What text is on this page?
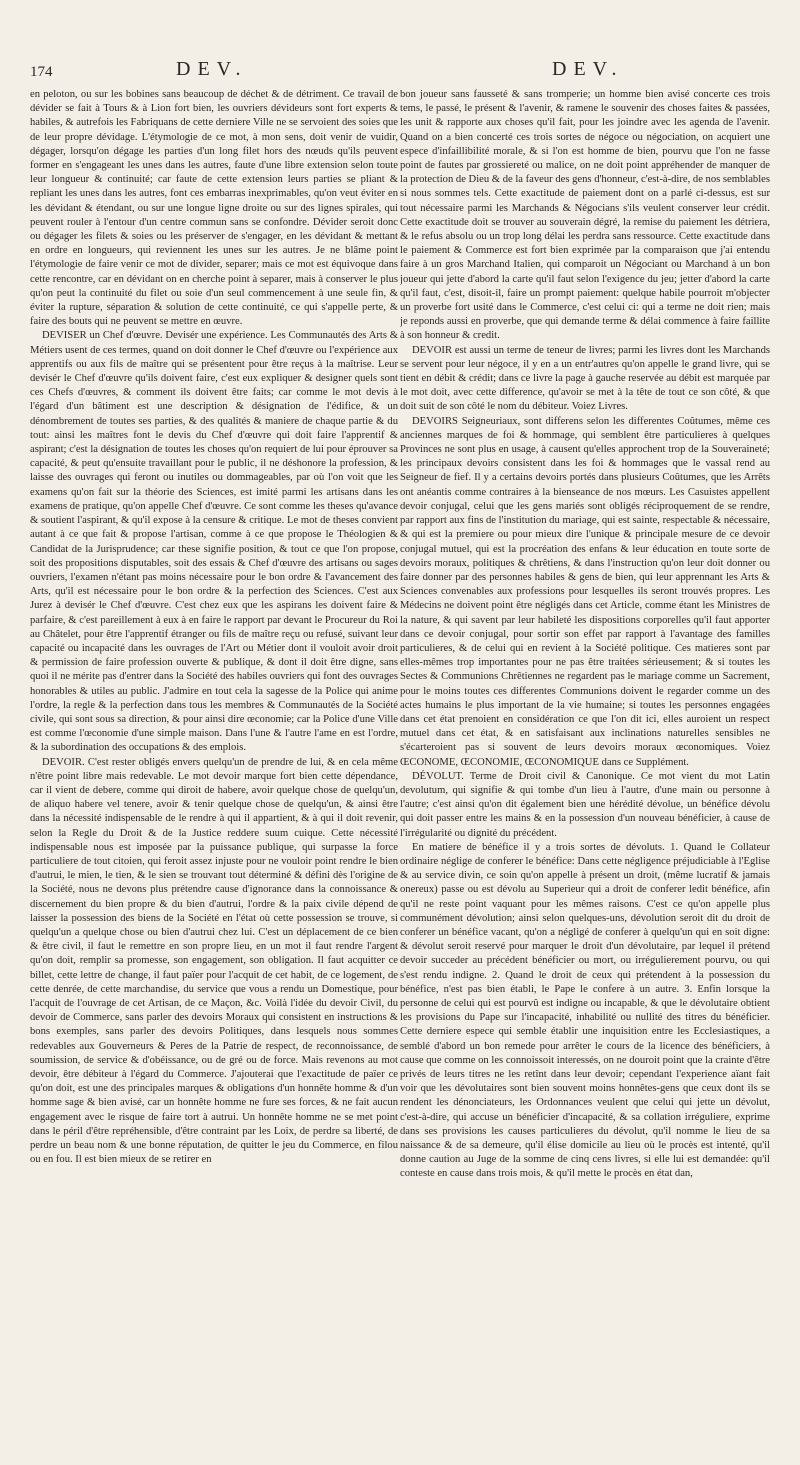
174	DEV.	DEV.

en peloton, ou sur les bobines sans beaucoup de déchet & de détriment. Ce travail de dévider se fait à Tours & à Lion fort bien, les ouvriers dévideurs sont fort experts & habiles, & autrefois les Fabriquans de cette derniere Ville ne se servoient des soies que de leur propre dévidage. L'étymologie de ce mot, à mon sens, doit venir de vuidir, dégager, lorsqu'on dégage les parties d'un long filet hors des nœuds qu'ils peuvent former en s'engageant les unes dans les autres, faute d'une libre extension selon toute leur longueur & continuité; car faute de cette extension leurs parties se pliant & repliant les unes dans les autres, font ces embarras inexprimables, qu'on veut éviter en les dévidant & étendant, ou sur une longue ligne droite ou sur des lignes spirales, qui peuvent rouler à l'entour d'un centre commun sans se confondre. Dévider seroit donc ou dégager les filets & soies ou les préserver de s'engager, en les dévidant & mettant en ordre en longueurs, qui reviennent les unes sur les autres. Je ne blâme point l'étymologie de faire venir ce mot de divider, separer; mais ce mot est équivoque dans cette rencontre, car en dévidant on en cherche point à separer, mais à conserver le plus qu'on peut la continuité du filet ou soie d'un seul commencement à une seule fin, & éviter la rupture, séparation & solution de cette continuité, ce qui s'appelle perte, & faire des bouts qui ne peuvent se mettre en œuvre.

DEVISER un Chef d'œuvre. Devisér une expérience. Les Communautés des Arts & Métiers usent de ces termes, quand on doit donner le Chef d'œuvre ou l'expérience aux apprentifs ou aux fils de maître qui se présentent pour être reçus à la maîtrise. Leur devisér le Chef d'œuvre qu'ils doivent faire, c'est eux expliquer & designer quels sont ces Chefs d'œuvres, & comment ils doivent être faits; car comme le mot devis à l'égard d'un bâtiment est une description & désignation de l'édifice, & un dénombrement de toutes ses parties, & des qualités & maniere de chaque partie & du tout: ainsi les maîtres font le devis du Chef d'œuvre qui doit faire l'apprentif & aspirant; c'est la désignation de toutes les choses qu'on requiert de lui pour éprouver sa capacité, & peut qu'ensuite travaillant pour le public, il ne déshonore la profession, & laisse des ouvrages qui feront ou inutiles ou dommageables, par où l'on voit que les examens qu'on fait sur la théorie des Sciences, est imité parmi les artisans dans les examens de pratique, qu'on appelle Chef d'œuvre. Ce sont comme les theses qu'avance & soutient l'aspirant, & qu'il expose à la censure & critique. Le mot de theses convient autant à ce que fait & propose l'artisan, comme à ce que propose le Théologien & Candidat de la Jurisprudence; car these signifie position, & tout ce que l'on propose, soit des propositions disputables, soit des essais & Chef d'œuvre des artisans ou sages ouvriers, l'examen n'étant pas moins nécessaire pour le bon ordre & l'avancement des Arts, qu'il est nécessaire pour le bon ordre & la perfection des Sciences. C'est aux Jurez à devisér le Chef d'œuvre. C'est chez eux que les aspirans les doivent faire & parfaire, & c'est pareillement à eux à en faire le rapport par devant le Procureur du Roi au Châtelet, pour être l'apprentif étranger ou fils de maître reçu ou refusé, suivant leur capacité ou incapacité dans les ouvrages de l'Art ou Métier dont il vouloit avoir droit & permission de faire profession ouverte & publique, & dont il doit être digne, sans quoi il ne mérite pas d'entrer dans la Société des habiles ouvriers qui font des ouvrages honorables & utiles au public. J'admire en tout cela la sagesse de la Police qui anime l'ordre, la regle & la perfection dans tous les membres & Communautés de la Société civile, qui sont sous sa direction, & pour ainsi dire œconomie; car la Police d'une Ville est comme l'œconomie d'une simple maison. Dans l'une & l'autre l'ame en est l'ordre, & la subordination des occupations & des emplois.

DEVOIR. C'est rester obligés envers quelqu'un de prendre de lui, & en cela même n'être point libre mais redevable. Le mot devoir marque fort bien cette dépendance, car il vient de debere, comme qui diroit de habere, avoir quelque chose de quelqu'un, de aliquo habere vel tenere, avoir & tenir quelque chose de quelqu'un, & ainsi être dans la nécessité indispensable de le rendre à qui il appartient, & à qui il doit revenir, selon la Regle du Droit & de la Justice reddere suum cuique. Cette nécessité indispensable nous est imposée par la puissance publique, qui surpasse la force particuliere de tout citoien, qui feroit assez injuste pour ne vouloir point rendre le bien d'autrui, le mien, le tien, & le sien se trouvant tout déterminé & défini dès l'origine de la Société, nous ne devons plus prétendre cause d'ignorance dans la connoissance & discernement du bien propre & du bien d'autrui, l'ordre & la paix civile dépend de laisser la possession des biens de la Société en l'état où cette possession se trouve, si quelqu'un a quelque chose ou bien d'autrui chez lui. C'est un déplacement de ce bien & être civil, il faut le remettre en son propre lieu, en un mot il faut rendre l'argent qu'on doit, remplir sa promesse, son engagement, son obligation. Il faut acquitter ce billet, cette lettre de change, il faut païer pour l'acquit de cet habit, de ce logement, de cette denrée, de cette marchandise, du service que vous a rendu un Domestique, pour l'acquit de l'ouvrage de cet Artisan, de ce Maçon, &c. Voilà l'idée du devoir Civil, du devoir de Commerce, sans parler des devoirs Moraux qui consistent en instructions & bons exemples, sans parler des devoirs Politiques, dans lesquels nous sommes redevables aux Gouverneurs & Peres de la Patrie de respect, de reconnoissance, de soumission, de service & d'obéissance, ou de gré ou de force. Mais revenons au mot devoir, être débiteur à l'égard du Commerce. J'ajouterai que l'exactitude de païer ce qu'on doit, est une des principales marques & obligations d'un honnête homme & d'un homme sage & bien avisé, car un honnête homme ne fure ses forces, & ne fait aucun engagement avec le risque de faire tort à autrui. Un honnête homme ne se met point dans le péril d'être repréhensible, d'être contraint par les Loix, de perdre sa liberté, de perdre un beau nom & une bonne réputation, de quitter le jeu du Commerce, en filou ou en fou. Il est bien mieux de se retirer en

bon joueur sans fausseté & sans tromperie; un homme bien avisé concerte ces trois tems, le passé, le présent & l'avenir, & ramene le souvenir des choses faites & passées, les unit & rapporte aux choses qu'il fait, pour les joindre avec les agenda de l'avenir. Quand on a bien concerté ces trois sortes de négoce ou négociation, on acquiert une espece d'infaillibilité morale, & si l'on est homme de bien, pourvu que l'on ne fasse point de fautes par grossiereté ou malice, on ne doit point appréhender de manquer de la protection de Dieu & de la faveur des gens d'honneur, c'est-à-dire, de nos semblables si nous sommes tels. Cette exactitude de paiement dont on a parlé ci-dessus, est sur tout nécessaire parmi les Marchands & Négocians s'ils veulent conserver leur crédit. Cette exactitude doit se trouver au souverain dégré, la remise du paiement les détriera, & le refus absolu ou un trop long délai les perdra sans ressource. Cette exactitude dans le paiement & Commerce est fort bien exprimée par la comparaison que j'ai entendu faire à un gros Marchand Italien, qui comparoit un Négociant ou Marchand à un bon joueur qui jette d'abord la carte qu'il faut selon l'exigence du jeu; jetter d'abord la carte qu'il faut, c'est, disoit-il, faire un prompt paiement: quelque habile pourroit m'objecter un proverbe fort usité dans le Commerce, c'est celui ci: qui a terme ne doit rien; mais je reponds aussi en proverbe, que qui demande terme & délai commence à faire faillite à son honneur & credit.

DEVOIR est aussi un terme de teneur de livres; parmi les livres dont les Marchands se servent pour leur négoce, il y en a un entr'autres qu'on appelle le grand livre, qui se tient en débit & crédit; dans ce livre la page à gauche reservée au débit est marquée par le mot doit, avec cette difference, qu'avoir se met à la tête de tout ce son côté, & que doit suit de son côté le nom du débiteur. Voiez Livres.

DEVOIRS Seigneuriaux, sont differens selon les differentes Coûtumes, même ces anciennes marques de foi & hommage, qui semblent être particulieres à quelques Provinces ne sont plus en usage, à causent qu'elles approchent trop de la Souveraineté; les principaux devoirs consistent dans les foi & hommages que le vassal rend au Seigneur de fief. Il y a certains devoirs portés dans plusieurs Coûtumes, que les Arrêts ont anéantis comme contraires à la bienseance de nos mœurs. Les Casuistes appellent devoir conjugal, celui que les gens mariés sont obligés réciproquement de se rendre, par rapport aux fins de l'institution du mariage, qui est sainte, respectable & nécessaire, & qui est la premiere ou pour mieux dire l'unique & principale mesure de ce devoir conjugal mutuel, qui est la procréation des enfans & leur éducation en toute sorte de devoirs moraux, politiques & chrêtiens, & dans l'instruction qu'on leur doit donner ou faire donner par des personnes habiles & gens de bien, qui leur apprennant les Arts & Sciences convenables aux professions pour lesquelles ils seront trouvés propres. Les Médecins ne doivent point être négligés dans cet Article, comme étant les Ministres de la nature, & qui savent par leur habileté les dispositions corporelles qu'il faut apporter dans ce devoir conjugal, pour sortir son effet par rapport à l'avantage des familles particulieres, & de celui qui en revient à la Société politique. Ces matieres sont par elles-mêmes trop importantes pour ne pas être traitées sérieusement; & si toutes les Sectes & Communions Chrêtiennes ne regardent pas le mariage comme un Sacrement, pour le moins toutes ces differentes Communions doivent le regarder comme un des actes humains le plus important de la vie humaine; si toutes les personnes engagées dans cet état prenoient en considération ce que l'on dit ici, elles auroient un respect mutuel dans cet état, & en satisfaisant aux inclinations naturelles sensibles ne s'écarteroient pas si souvent de leurs devoirs moraux œconomiques. Voiez ŒCONOME, ŒCONOMIE, ŒCONOMIQUE dans ce Supplément.

DÉVOLUT. Terme de Droit civil & Canonique. Ce mot vient du mot Latin devolutum, qui signifie & qui tombe d'un lieu à l'autre, d'une main ou personne à l'autre; c'est ainsi qu'on dit également bien une hérédité dévolue, un bénéfice dévolu qui doit passer entre les mains & en la possession d'un nouveau bénéficier, à cause de l'irrégularité ou dignité du précédent.

En matiere de bénéfice il y a trois sortes de dévoluts. 1. Quand le Collateur ordinaire néglige de conferer le bénéfice: Dans cette négligence préjudiciable à l'Eglise & au service divin, ce soin qu'on appelle à présent un droit, (même lucratif & jamais onereux) passe ou est dévolu au Superieur qui a droit de conferer ledit bénéfice, afin qu'il ne reste point vaquant pour les mêmes raisons. C'est ce qu'on appelle plus communément dévolution; ainsi selon quelques-uns, dévolution seroit dit du droit de conferer un bénéfice vacant, qu'on a négligé de conferer à quelqu'un qui en soit digne: & dévolut seroit reservé pour marquer le droit d'un dévolutaire, par lequel il prétend devoir succeder au précédent bénéficier ou mort, ou irrégulierement pourvu, ou qui s'est rendu indigne. 2. Quand le droit de ceux qui prétendent à la possession du bénéfice, n'est pas bien établi, le Pape le confere à un autre. 3. Enfin lorsque la personne de celui qui est pourvû est indigne ou incapable, & que le dévolutaire obtient les provisions du Pape sur l'incapacité, inhabilité ou nullité des titres du bénéficier. Cette derniere espece qui semble établir une inquisition entre les Ecclesiastiques, a semblé d'abord un bon remede pour arrêter le cours de la licence des bénéficiers, à cause que comme on les connoissoit interessés, on ne douroit point que la crainte d'être privés de leurs titres ne les retînt dans leur devoir; cependant l'experience aïant fait voir que les dévolutaires sont bien souvent moins honnêtes-gens que ceux dont ils se rendent les dénonciateurs, les Ordonnances veulent que celui qui jette un dévolut, c'est-à-dire, qui accuse un bénéficier d'incapacité, & sa collation irréguliere, exprime dans ses provisions les causes particulieres du dévolut, qu'il nomme le lieu de sa naissance & de sa demeure, qu'il élise domicile au lieu où le procès est intenté, qu'il donne caution au Juge de la somme de cinq cens livres, si elle lui est demandée: qu'il conteste en cause dans trois mois, & qu'il mette le procès en état dan,
